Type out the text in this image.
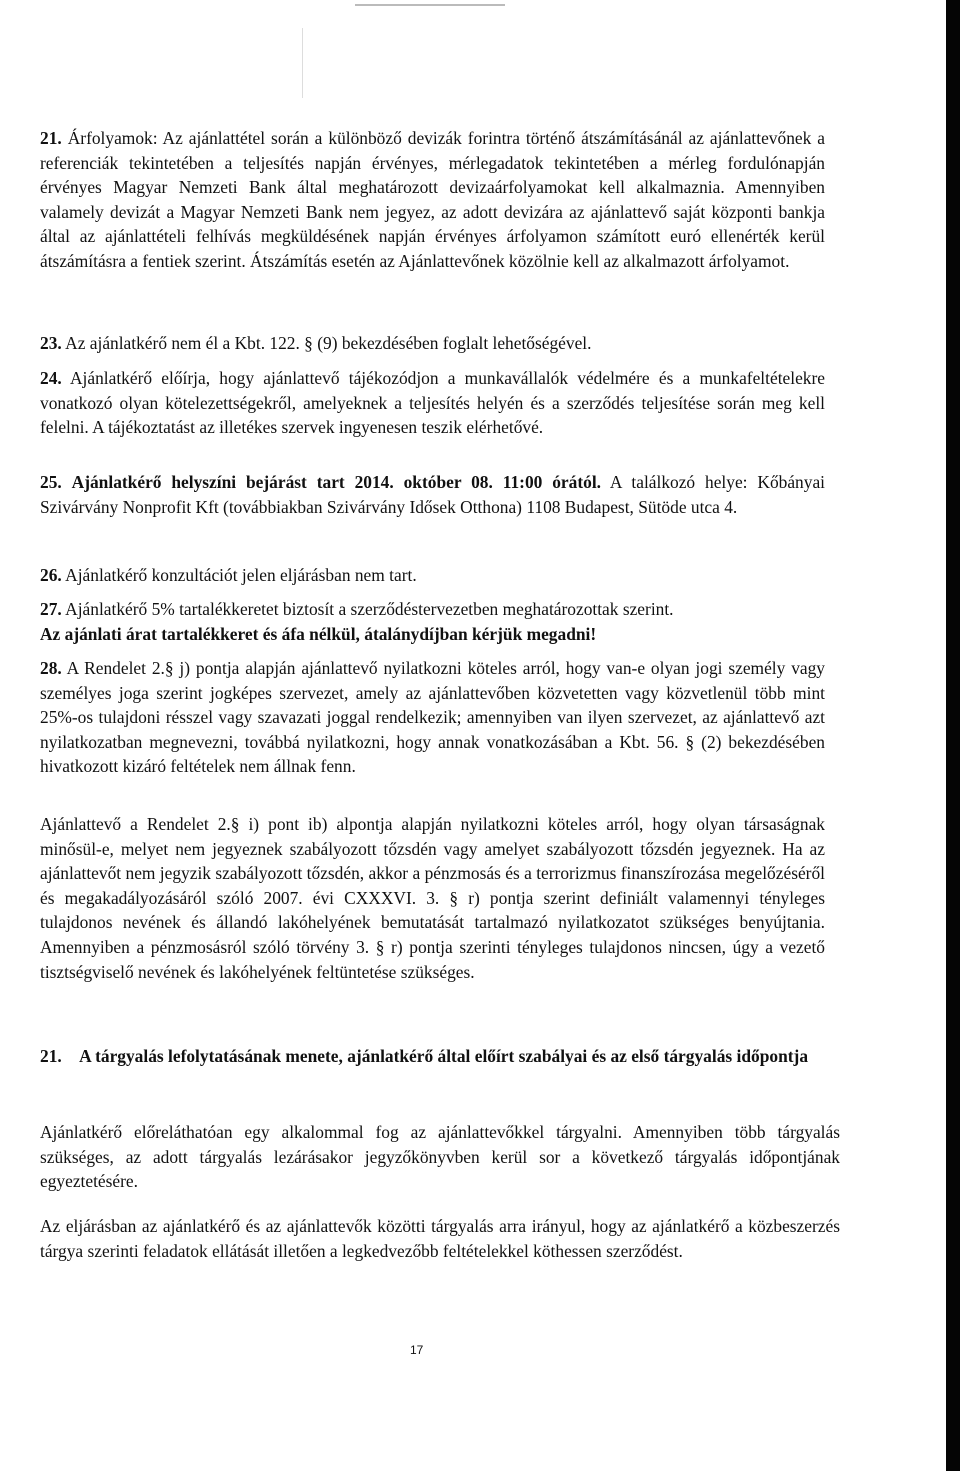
21. Árfolyamok: Az ajánlattétel során a különböző devizák forintra történő átszámításánál az ajánlattevőnek a referenciák tekintetében a teljesítés napján érvényes, mérlegadatok tekintetében a mérleg fordulónapján érvényes Magyar Nemzeti Bank által meghatározott devizaárfolyamokat kell alkalmaznia. Amennyiben valamely devizát a Magyar Nemzeti Bank nem jegyez, az adott devizára az ajánlattevő saját központi bankja által az ajánlattételi felhívás megküldésének napján érvényes árfolyamon számított euró ellenérték kerül átszámításra a fentiek szerint. Átszámítás esetén az Ajánlattevőnek közölnie kell az alkalmazott árfolyamot.

23. Az ajánlatkérő nem él a Kbt. 122. § (9) bekezdésében foglalt lehetőségével.

24. Ajánlatkérő előírja, hogy ajánlattevő tájékozódjon a munkavállalók védelmére és a munkafeltételekre vonatkozó olyan kötelezettségekről, amelyeknek a teljesítés helyén és a szerződés teljesítése során meg kell felelni. A tájékoztatást az illetékes szervek ingyenesen teszik elérhetővé.

25. Ajánlatkérő helyszíni bejárást tart 2014. október 08. 11:00 órától. A találkozó helye: Kőbányai Szivárvány Nonprofit Kft (továbbiakban Szivárvány Idősek Otthona) 1108 Budapest, Sütöde utca 4.

26. Ajánlatkérő konzultációt jelen eljárásban nem tart.

27. Ajánlatkérő 5% tartalékkeretet biztosít a szerződéstervezetben meghatározottak szerint.
Az ajánlati árat tartalékkeret és áfa nélkül, átalánydíjban kérjük megadni!

28. A Rendelet 2.§ j) pontja alapján ajánlattevő nyilatkozni köteles arról, hogy van-e olyan jogi személy vagy személyes joga szerint jogképes szervezet, amely az ajánlattevőben közvetetten vagy közvetlenül több mint 25%-os tulajdoni résszel vagy szavazati joggal rendelkezik; amennyiben van ilyen szervezet, az ajánlattevő azt nyilatkozatban megnevezni, továbbá nyilatkozni, hogy annak vonatkozásában a Kbt. 56. § (2) bekezdésében hivatkozott kizáró feltételek nem állnak fenn.

Ajánlattevő a Rendelet 2.§ i) pont ib) alpontja alapján nyilatkozni köteles arról, hogy olyan társaságnak minősül-e, melyet nem jegyeznek szabályozott tőzsdén vagy amelyet szabályozott tőzsdén jegyeznek. Ha az ajánlattevőt nem jegyzik szabályozott tőzsdén, akkor a pénzmosás és a terrorizmus finanszírozása megelőzéséről és megakadályozásáról szóló 2007. évi CXXXVI. 3. § r) pontja szerint definiált valamennyi tényleges tulajdonos nevének és állandó lakóhelyének bemutatását tartalmazó nyilatkozatot szükséges benyújtania. Amennyiben a pénzmosásról szóló törvény 3. § r) pontja szerinti tényleges tulajdonos nincsen, úgy a vezető tisztségviselő nevének és lakóhelyének feltüntetése szükséges.

21. A tárgyalás lefolytatásának menete, ajánlatkérő által előírt szabályai és az első tárgyalás időpontja

Ajánlatkérő előreláthatóan egy alkalommal fog az ajánlattevőkkel tárgyalni. Amennyiben több tárgyalás szükséges, az adott tárgyalás lezárásakor jegyzőkönyvben kerül sor a következő tárgyalás időpontjának egyeztetésére.

Az eljárásban az ajánlatkérő és az ajánlattevők közötti tárgyalás arra irányul, hogy az ajánlatkérő a közbeszerzés tárgya szerinti feladatok ellátását illetően a legkedvezőbb feltételekkel köthessen szerződést.

17
